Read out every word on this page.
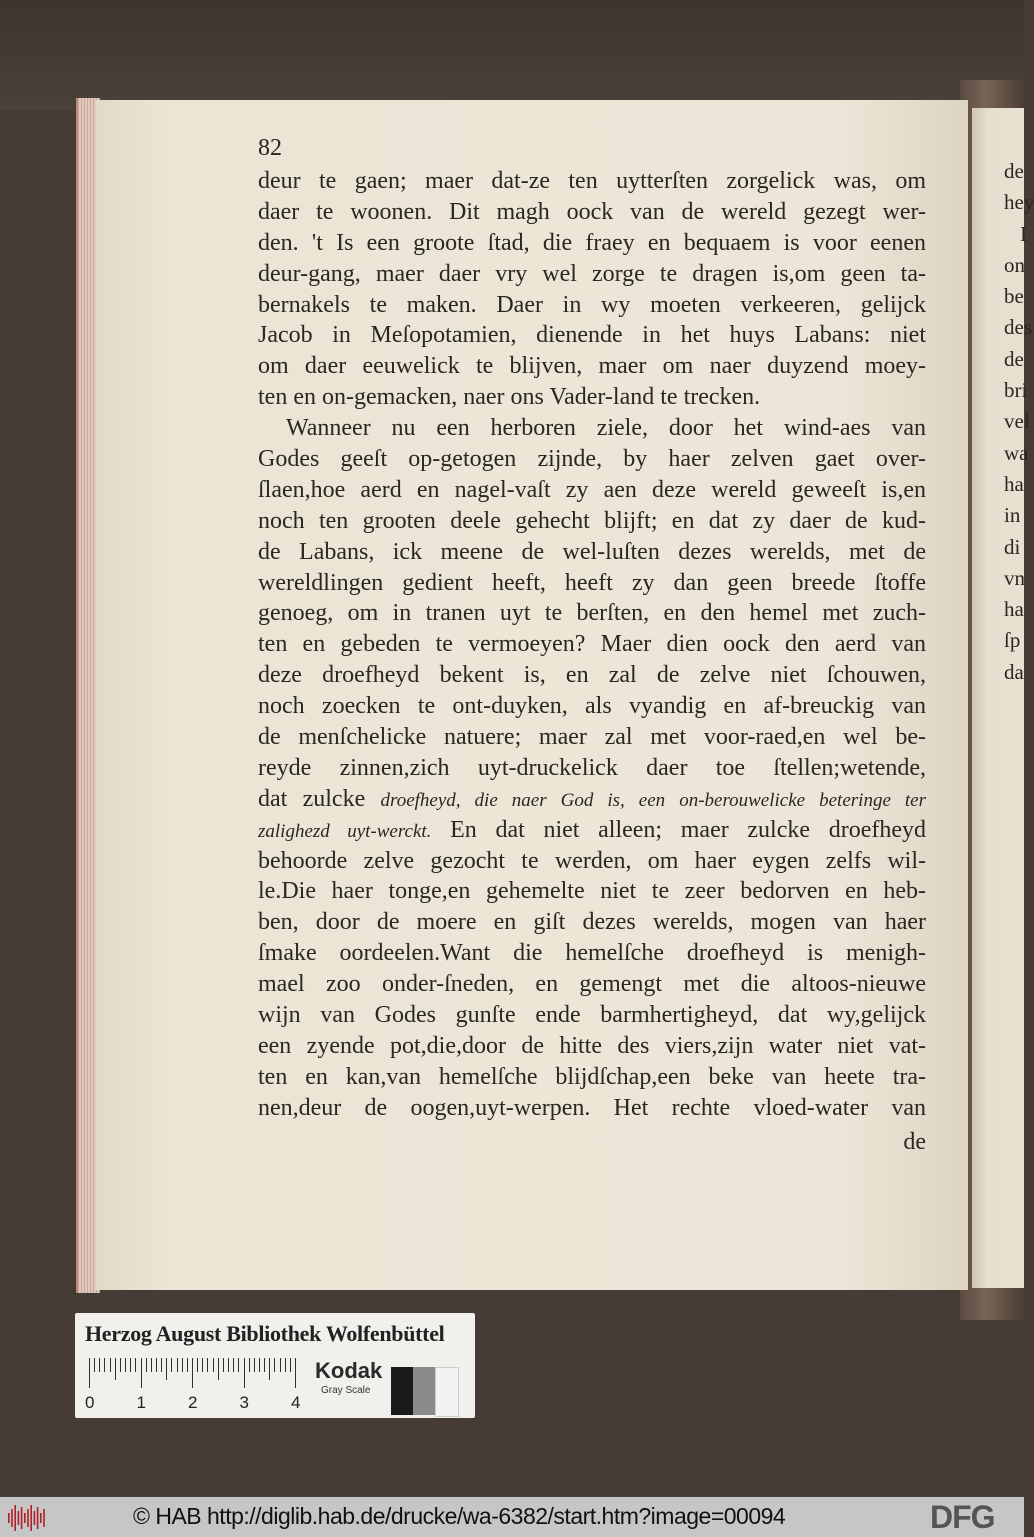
82
deur te gaen; maer dat-ze ten uytterſten zorgelick was, om
daer te woonen. Dit magh oock van de wereld gezegt wer-
den. 't Is een groote ſtad, die fraey en bequaem is voor eenen
deur-gang, maer daer vry wel zorge te dragen is,om geen ta-
bernakels te maken. Daer in wy moeten verkeeren, gelijck
Jacob in Meſopotamien, dienende in het huys Labans: niet
om daer eeuwelick te blijven, maer om naer duyzend moey-
ten en on-gemacken, naer ons Vader-land te trecken.
Wanneer nu een herboren ziele, door het wind-aes van
Godes geeſt op-getogen zijnde, by haer zelven gaet over-
ſlaen,hoe aerd en nagel-vaſt zy aen deze wereld geweeſt is,en
noch ten grooten deele gehecht blijft; en dat zy daer de kud-
de Labans, ick meene de wel-luſten dezes werelds, met de
wereldlingen gedient heeft, heeft zy dan geen breede ſtoffe
genoeg, om in tranen uyt te berſten, en den hemel met zuch-
ten en gebeden te vermoeyen? Maer dien oock den aerd van
deze droefheyd bekent is, en zal de zelve niet ſchouwen,
noch zoecken te ont-duyken, als vyandig en af-breuckig van
de menſchelicke natuere; maer zal met voor-raed,en wel be-
reyde zinnen,zich uyt-druckelick daer toe ſtellen;wetende,
dat zulcke droefheyd, die naer God is, een on-berouwelicke beteringe ter
zalighezd uyt-werckt. En dat niet alleen; maer zulcke droefheyd
behoorde zelve gezocht te werden, om haer eygen zelfs wil-
le.Die haer tonge,en gehemelte niet te zeer bedorven en heb-
ben, door de moere en giſt dezes werelds, mogen van haer
ſmake oordeelen.Want die hemelſche droefheyd is menigh-
mael zoo onder-ſneden, en gemengt met die altoos-nieuwe
wijn van Godes gunſte ende barmhertigheyd, dat wy,gelijck
een zyende pot,die,door de hitte des viers,zijn water niet vat-
ten en kan,van hemelſche blijdſchap,een beke van heete tra-
nen,deur de oogen,uyt-werpen. Het rechte vloed-water van
de
de
hey
I
on
be
des
de
bri
vel
wa
ha
in
di
vn
ha
ſp
da
Herzog August Bibliothek Wolfenbüttel
0 1 2 3 4
Kodak
Gray Scale
© HAB http://diglib.hab.de/drucke/wa-6382/start.htm?image=00094	DFG
